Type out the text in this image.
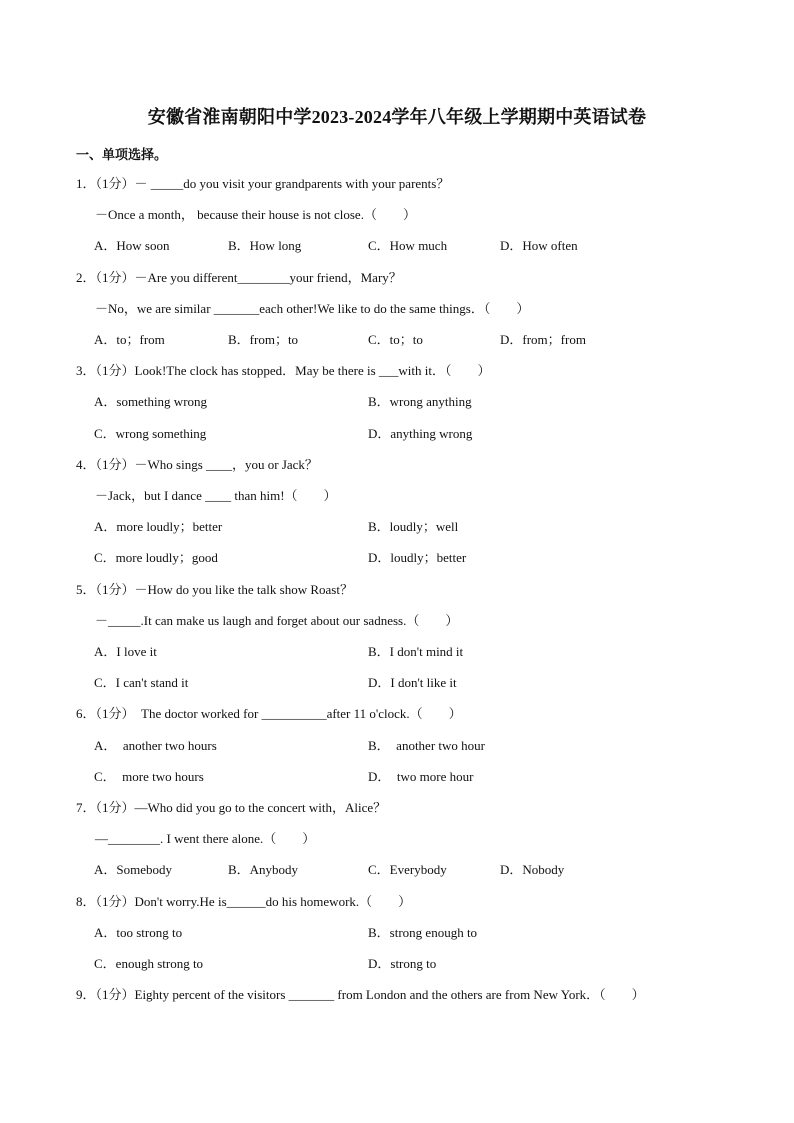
安徽省淮南朝阳中学2023-2024学年八年级上学期期中英语试卷
一、单项选择。
1．（1分）－ _____do you visit your grandparents with your parents？
－Once a month， because their house is not close.（　　）
A．How soon	B．How long	C．How much	D．How often
2．（1分）－Are you different________your friend，Mary？
－No，we are similar _______each other!We like to do the same things．（　　）
A．to；from	B．from；to	C．to；to	D．from；from
3．（1分）Look!The clock has stopped．May be there is ___with it．（　　）
A．something wrong	B．wrong anything
C．wrong something	D．anything wrong
4．（1分）－Who sings ____，you or Jack？
－Jack，but I dance ____ than him!（　　）
A．more loudly；better	B．loudly；well
C．more loudly；good	D．loudly；better
5．（1分）－How do you like the talk show Roast？
－_____.It can make us laugh and forget about our sadness.（　　）
A．I love it	B．I don't mind it
C．I can't stand it	D．I don't like it
6．（1分）　The doctor worked for __________after 11 o'clock.（　　）
A．　another two hours	B．　another two hour
C．　more two hours	D．　two more hour
7．（1分）—Who did you go to the concert with，Alice？
—________. I went there alone.（　　）
A．Somebody	B．Anybody	C．Everybody	D．Nobody
8．（1分）Don't worry.He is______do his homework.（　　）
A．too strong to	B．strong enough to
C．enough strong to	D．strong to
9．（1分）Eighty percent of the visitors _______ from London and the others are from New York．（　　）
